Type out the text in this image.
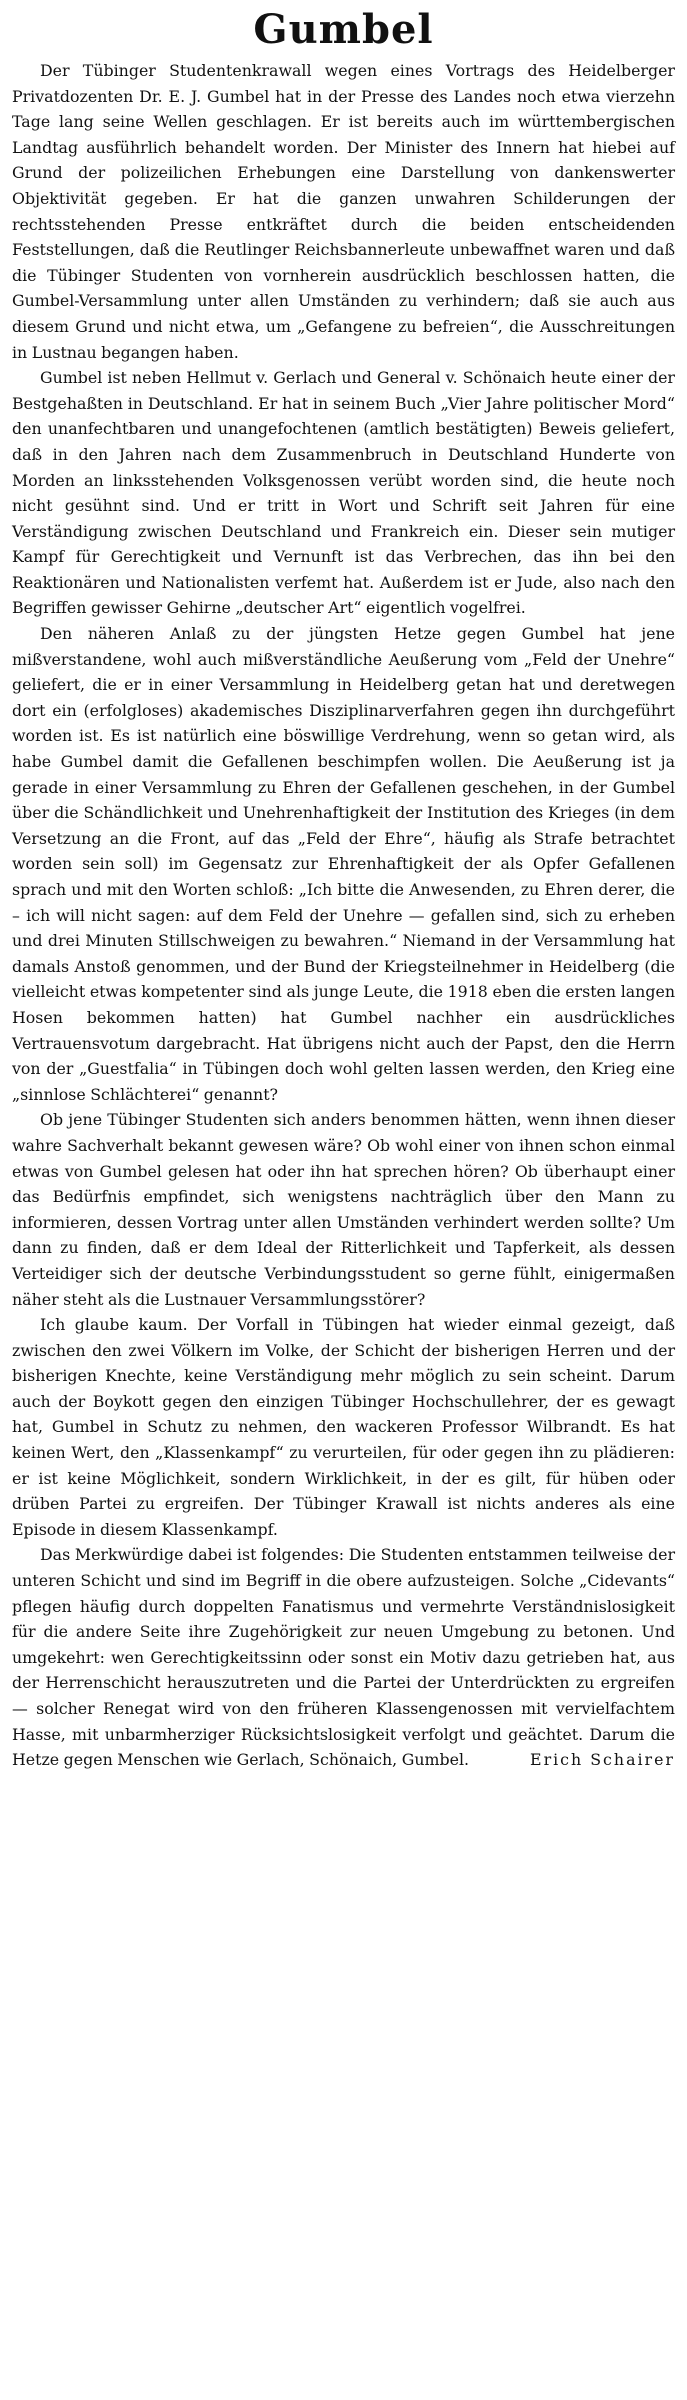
Gumbel

Der Tübinger Studentenkrawall wegen eines Vortrags des Heidelberger Privatdozenten Dr. E. J. Gumbel hat in der Presse des Landes noch etwa vierzehn Tage lang seine Wellen geschlagen. Er ist bereits auch im württembergischen Landtag ausführlich behandelt worden. Der Minister des Innern hat hiebei auf Grund der polizeilichen Erhebungen eine Darstellung von dankenswerter Objektivität gegeben. Er hat die ganzen unwahren Schilderungen der rechtsstehenden Presse entkräftet durch die beiden entscheidenden Feststellungen, daß die Reutlinger Reichsbannerleute unbewaffnet waren und daß die Tübinger Studenten von vornherein ausdrücklich beschlossen hatten, die Gumbel-Versammlung unter allen Umständen zu verhindern; daß sie auch aus diesem Grund und nicht etwa, um „Gefangene zu befreien“, die Ausschreitungen in Lustnau begangen haben.

Gumbel ist neben Hellmut v. Gerlach und General v. Schönaich heute einer der Bestgehaßten in Deutschland. Er hat in seinem Buch „Vier Jahre politischer Mord“ den unanfechtbaren und unangefochtenen (amtlich bestätigten) Beweis geliefert, daß in den Jahren nach dem Zusammenbruch in Deutschland Hunderte von Morden an linksstehenden Volksgenossen verübt worden sind, die heute noch nicht gesühnt sind. Und er tritt in Wort und Schrift seit Jahren für eine Verständigung zwischen Deutschland und Frankreich ein. Dieser sein mutiger Kampf für Gerechtigkeit und Vernunft ist das Verbrechen, das ihn bei den Reaktionären und Nationalisten verfemt hat. Außerdem ist er Jude, also nach den Begriffen gewisser Gehirne „deutscher Art“ eigentlich vogelfrei.

Den näheren Anlaß zu der jüngsten Hetze gegen Gumbel hat jene mißverstandene, wohl auch mißverständliche Aeußerung vom „Feld der Unehre“ geliefert, die er in einer Versammlung in Heidelberg getan hat und deretwegen dort ein (erfolgloses) akademisches Disziplinarverfahren gegen ihn durchgeführt worden ist. Es ist natürlich eine böswillige Verdrehung, wenn so getan wird, als habe Gumbel damit die Gefallenen beschimpfen wollen. Die Aeußerung ist ja gerade in einer Versammlung zu Ehren der Gefallenen geschehen, in der Gumbel über die Schändlichkeit und Unehrenhaftigkeit der Institution des Krieges (in dem Versetzung an die Front, auf das „Feld der Ehre“, häufig als Strafe betrachtet worden sein soll) im Gegensatz zur Ehrenhaftigkeit der als Opfer Gefallenen sprach und mit den Worten schloß: „Ich bitte die Anwesenden, zu Ehren derer, die – ich will nicht sagen: auf dem Feld der Unehre — gefallen sind, sich zu erheben und drei Minuten Stillschweigen zu bewahren.“ Niemand in der Versammlung hat damals Anstoß genommen, und der Bund der Kriegsteilnehmer in Heidelberg (die vielleicht etwas kompetenter sind als junge Leute, die 1918 eben die ersten langen Hosen bekommen hatten) hat Gumbel nachher ein ausdrückliches Vertrauensvotum dargebracht. Hat übrigens nicht auch der Papst, den die Herrn von der „Guestfalia“ in Tübingen doch wohl gelten lassen werden, den Krieg eine „sinnlose Schlächterei“ genannt?

Ob jene Tübinger Studenten sich anders benommen hätten, wenn ihnen dieser wahre Sachverhalt bekannt gewesen wäre? Ob wohl einer von ihnen schon einmal etwas von Gumbel gelesen hat oder ihn hat sprechen hören? Ob überhaupt einer das Bedürfnis empfindet, sich wenigstens nachträglich über den Mann zu informieren, dessen Vortrag unter allen Umständen verhindert werden sollte? Um dann zu finden, daß er dem Ideal der Ritterlichkeit und Tapferkeit, als dessen Verteidiger sich der deutsche Verbindungsstudent so gerne fühlt, einigermaßen näher steht als die Lustnauer Versammlungsstörer?

Ich glaube kaum. Der Vorfall in Tübingen hat wieder einmal gezeigt, daß zwischen den zwei Völkern im Volke, der Schicht der bisherigen Herren und der bisherigen Knechte, keine Verständigung mehr möglich zu sein scheint. Darum auch der Boykott gegen den einzigen Tübinger Hochschullehrer, der es gewagt hat, Gumbel in Schutz zu nehmen, den wackeren Professor Wilbrandt. Es hat keinen Wert, den „Klassenkampf“ zu verurteilen, für oder gegen ihn zu plädieren: er ist keine Möglichkeit, sondern Wirklichkeit, in der es gilt, für hüben oder drüben Partei zu ergreifen. Der Tübinger Krawall ist nichts anderes als eine Episode in diesem Klassenkampf.

Das Merkwürdige dabei ist folgendes: Die Studenten entstammen teilweise der unteren Schicht und sind im Begriff in die obere aufzusteigen. Solche „Cidevants“ pflegen häufig durch doppelten Fanatismus und vermehrte Verständnislosigkeit für die andere Seite ihre Zugehörigkeit zur neuen Umgebung zu betonen. Und umgekehrt: wen Gerechtigkeitssinn oder sonst ein Motiv dazu getrieben hat, aus der Herrenschicht herauszutreten und die Partei der Unterdrückten zu ergreifen — solcher Renegat wird von den früheren Klassengenossen mit vervielfachtem Hasse, mit unbarmherziger Rücksichtslosigkeit verfolgt und geächtet. Darum die Hetze gegen Menschen wie Gerlach, Schönaich, Gumbel.	Erich Schairer
